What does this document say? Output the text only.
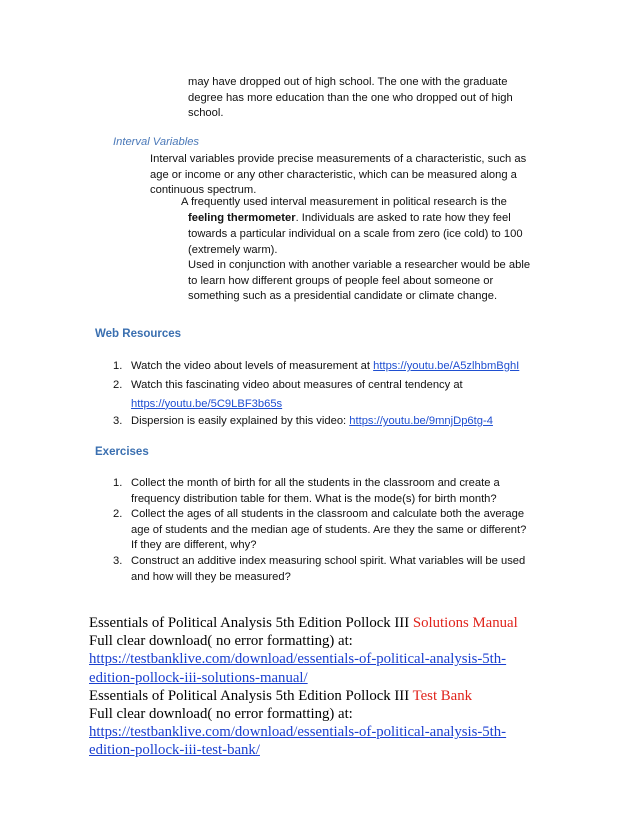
may have dropped out of high school. The one with the graduate
degree has more education than the one who dropped out of high
school.
Interval Variables
Interval variables provide precise measurements of a characteristic, such as
age or income or any other characteristic, which can be measured along a
continuous spectrum.
A frequently used interval measurement in political research is the
feeling thermometer. Individuals are asked to rate how they feel
towards a particular individual on a scale from zero (ice cold) to 100
(extremely warm).
Used in conjunction with another variable a researcher would be able
to learn how different groups of people feel about someone or
something such as a presidential candidate or climate change.
Web Resources
1. Watch the video about levels of measurement at https://youtu.be/A5zlhbmBghI
2. Watch this fascinating video about measures of central tendency at
https://youtu.be/5C9LBF3b65s
3. Dispersion is easily explained by this video: https://youtu.be/9mnjDp6tg-4
Exercises
1. Collect the month of birth for all the students in the classroom and create a
frequency distribution table for them. What is the mode(s) for birth month?
2. Collect the ages of all students in the classroom and calculate both the average
age of students and the median age of students. Are they the same or different?
If they are different, why?
3. Construct an additive index measuring school spirit. What variables will be used
and how will they be measured?
Essentials of Political Analysis 5th Edition Pollock III Solutions Manual
Full clear download( no error formatting) at:
https://testbanklive.com/download/essentials-of-political-analysis-5th-
edition-pollock-iii-solutions-manual/
Essentials of Political Analysis 5th Edition Pollock III Test Bank
Full clear download( no error formatting) at:
https://testbanklive.com/download/essentials-of-political-analysis-5th-
edition-pollock-iii-test-bank/
